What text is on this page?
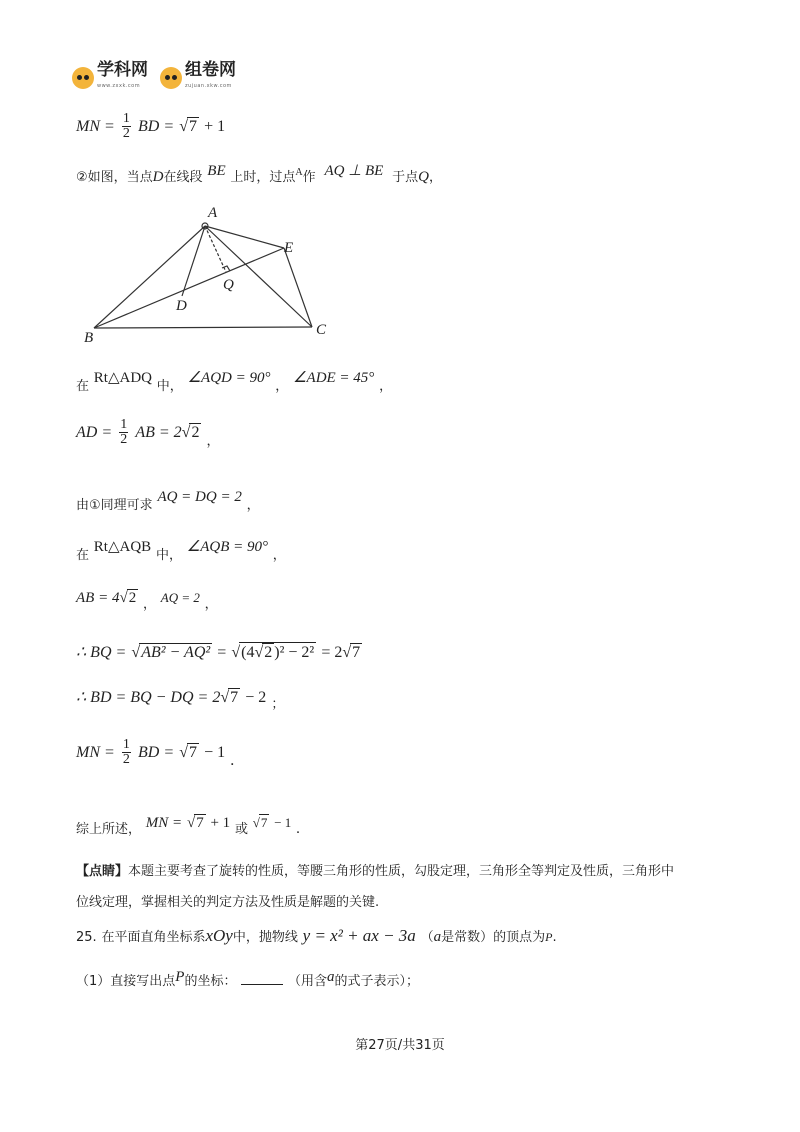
学科网
www.zxxk.com
组卷网
zujuan.xkw.com
MN = $\frac{1}{2}$ BD = √7 + 1
②如图，当点D在线段 BE 上时，过点$^A$作 AQ ⊥ BE 于点Q，
A
E
Q
D
B	C
在 Rt△ADQ 中， ∠AQD = 90° ， ∠ADE = 45° ，
AD = $\frac{1}{2}$ AB = 2√2 $_,$
由①同理可求 AQ = DQ = 2 ，
在 Rt△AQB 中， ∠AQB = 90° ，
AB = 4√2 ， AQ = 2 ，
∴ BQ = √AB² − AQ² = √(4√2 )² − 2² = 2√7
∴ BD = BQ − DQ = 2√7 − 2 $_;$
MN = $\frac{1}{2}$ BD = √7 − 1 .
综上所述， MN = √7 + 1 或 √7 − 1 .
【点睛】本题主要考查了旋转的性质，等腰三角形的性质，勾股定理，三角形全等判定及性质，三角形中
位线定理，掌握相关的判定方法及性质是解题的关键.
25. 在平面直角坐标系xOy中，抛物线 y = x² + ax − 3a （a是常数）的顶点为P.
（1）直接写出点P的坐标：	（用含a的式子表示）；
第27页/共31页
